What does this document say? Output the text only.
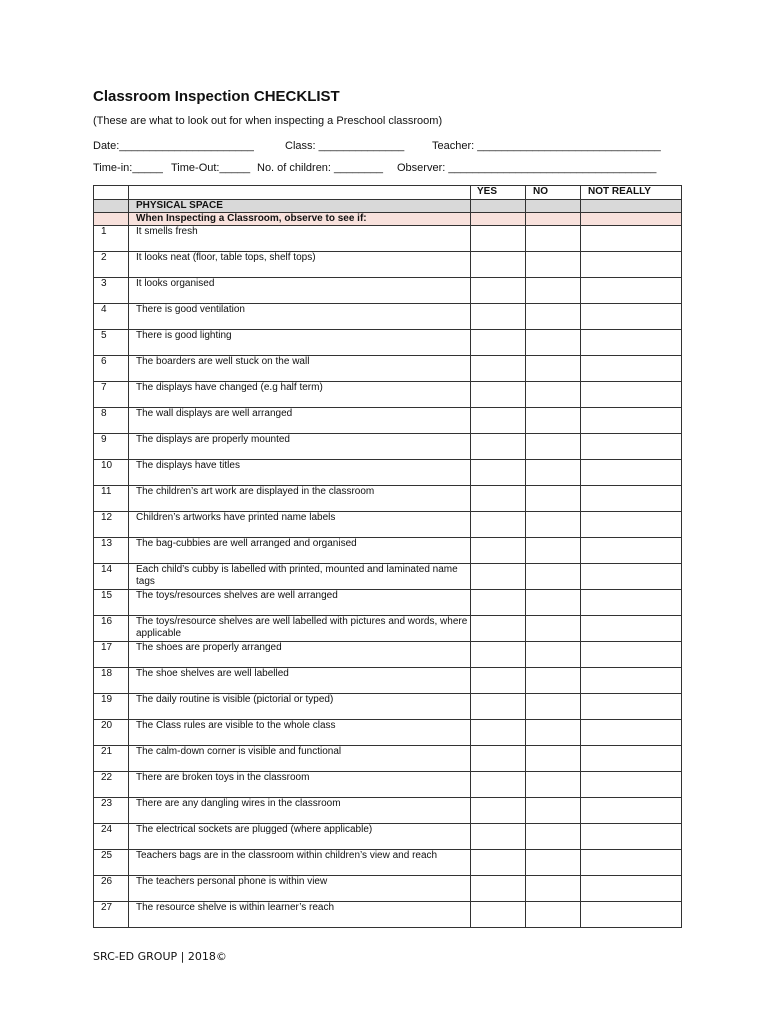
Classroom Inspection CHECKLIST
(These are what to look out for when inspecting a Preschool classroom)
Date:______________________	Class: ______________	Teacher: ______________________________
Time-in:_____ Time-Out:_____ No. of children: ________ Observer: __________________________________
		YES	NO	NOT REALLY
	PHYSICAL SPACE			
	When Inspecting a Classroom, observe to see if:			
1	It smells fresh			
2	It looks neat (floor, table tops, shelf tops)			
3	It looks organised			
4	There is good ventilation			
5	There is good lighting			
6	The boarders are well stuck on the wall			
7	The displays have changed (e.g half term)			
8	The wall displays are well arranged			
9	The displays are properly mounted			
10	The displays have titles			
11	The children’s art work are displayed in the classroom			
12	Children’s artworks have printed name labels			
13	The bag-cubbies are well arranged and organised			
14	Each child’s cubby is labelled with printed, mounted and laminated name tags			
15	The toys/resources shelves are well arranged			
16	The toys/resource shelves are well labelled with pictures and words, where applicable			
17	The shoes are properly arranged			
18	The shoe shelves are well labelled			
19	The daily routine is visible (pictorial or typed)			
20	The Class rules are visible to the whole class			
21	The calm-down corner is visible and functional			
22	There are broken toys in the classroom			
23	There are any dangling wires in the classroom			
24	The electrical sockets are plugged (where applicable)			
25	Teachers bags are in the classroom within children’s view and reach			
26	The teachers personal phone is within view			
27	The resource shelve is within learner’s reach			
SRC-ED GROUP | 2018©
